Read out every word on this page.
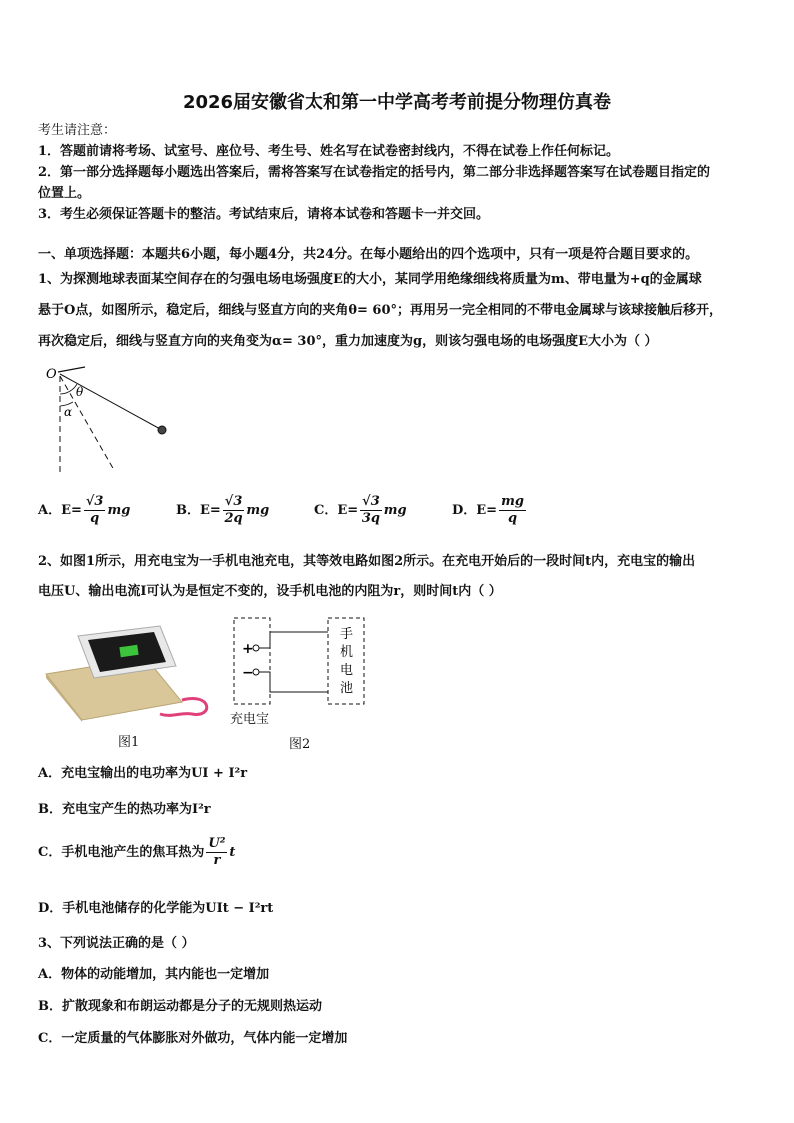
2026届安徽省太和第一中学高考考前提分物理仿真卷
考生请注意：
1．答题前请将考场、试室号、座位号、考生号、姓名写在试卷密封线内，不得在试卷上作任何标记。
2．第一部分选择题每小题选出答案后，需将答案写在试卷指定的括号内，第二部分非选择题答案写在试卷题目指定的
位置上。
3．考生必须保证答题卡的整洁。考试结束后，请将本试卷和答题卡一并交回。
一、单项选择题：本题共6小题，每小题4分，共24分。在每小题给出的四个选项中，只有一项是符合题目要求的。
1、为探测地球表面某空间存在的匀强电场电场强度E的大小，某同学用绝缘细线将质量为m、带电量为+q的金属球
悬于O点，如图所示，稳定后，细线与竖直方向的夹角θ= 60°；再用另一完全相同的不带电金属球与该球接触后移开，
再次稳定后，细线与竖直方向的夹角变为α= 30°，重力加速度为g，则该匀强电场的电场强度E大小为（ ）
O
θ
α
A．$E= \frac{√3}{q}$ mg	B．$E= \frac{√3}{2q}$ mg	C．$E= \frac{√3}{3q}$ mg	D．$E= \frac{mg}{q}$
2、如图1所示，用充电宝为一手机电池充电，其等效电路如图2所示。在充电开始后的一段时间t内，充电宝的输出
电压U、输出电流I可认为是恒定不变的，设手机电池的内阻为r，则时间t内（ ）
图1
+
−
手
机
电
池
充电宝
图2
A．充电宝输出的电功率为UI + I²r
B．充电宝产生的热功率为I²r
C．手机电池产生的焦耳热为 $\frac{\text{U²}}{r}$ t
D．手机电池储存的化学能为UIt − I²rt
3、下列说法正确的是（ ）
A．物体的动能增加，其内能也一定增加
B．扩散现象和布朗运动都是分子的无规则热运动
C．一定质量的气体膨胀对外做功，气体内能一定增加
